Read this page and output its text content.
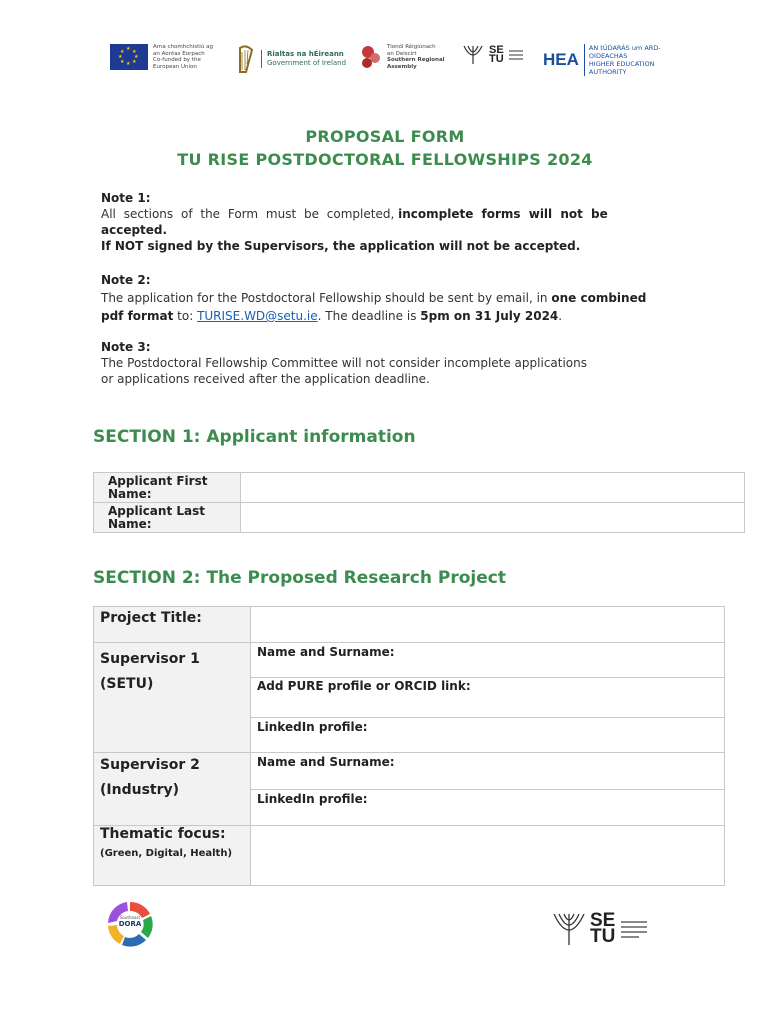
★ ★
★
★
★
★
★
★
Arna chomhchistiú ag
an Aontas Eorpach
Co-funded by the
European Union
Rialtas na hÉireann
Government of Ireland
Tionól Réigiúnach
an Deiscirt
Southern Regional
Assembly
SE
TU HEA
AN tÚDARÁS um ARD-OIDEACHAS
HIGHER EDUCATION AUTHORITY
PROPOSAL FORM
TU RISE POSTDOCTORAL FELLOWSHIPS 2024
Note 1:
All sections of the Form must be completed, incomplete forms will not be accepted.
If NOT signed by the Supervisors, the application will not be accepted.
Note 2:
The application for the Postdoctoral Fellowship should be sent by email, in one combined pdf format to: TURISE.WD@setu.ie. The deadline is 5pm on 31 July 2024.
Note 3:
The Postdoctoral Fellowship Committee will not consider incomplete applications
or applications received after the application deadline.
SECTION 1: Applicant information
Applicant First Name:	
Applicant Last Name:	
SECTION 2: The Proposed Research Project
Project Title:	
Supervisor 1
(SETU)	Name and Surname:
	Add PURE profile or ORCID link:
	LinkedIn profile:
Supervisor 2
(Industry)	Name and Surname:
	LinkedIn profile:
Thematic focus:
(Green, Digital, Health)	

Southeast
DORA	SE
TU
